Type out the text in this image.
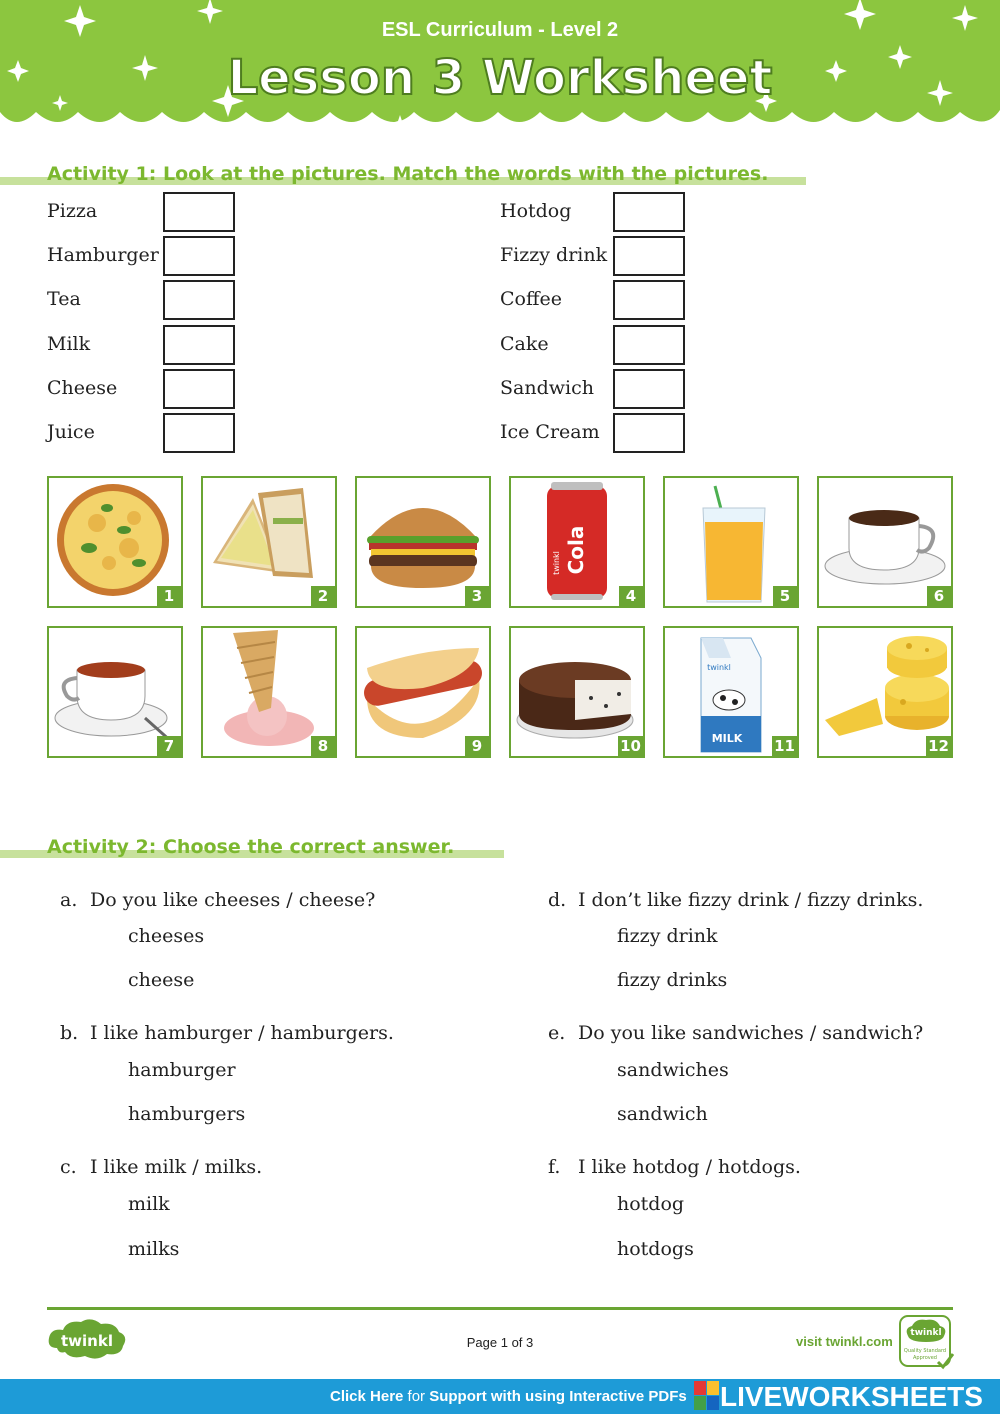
ESL Curriculum - Level 2
Lesson 3 Worksheet
Activity 1: Look at the pictures. Match the words with the pictures.
Pizza
Hamburger
Tea
Milk
Cheese
Juice
Hotdog
Fizzy drink
Coffee
Cake
Sandwich
Ice Cream
1	2	3
Cola
twinkl
4	5	6
7	8	9	10	MILK
twinkl
11	12
Activity 2: Choose the correct answer.
a. Do you like cheeses / cheese?
cheeses
cheese
b. I like hamburger / hamburgers.
hamburger
hamburgers
c. I like milk / milks.
milk
milks
d. I don’t like fizzy drink / fizzy drinks.
fizzy drink
fizzy drinks
e. Do you like sandwiches / sandwich?
sandwiches
sandwich
f. I like hotdog / hotdogs.
hotdog
hotdogs
twinkl	Page 1 of 3	visit twinkl.com
twinkl
Quality Standard
Approved
Click Here for Support with using Interactive PDFs LIVEWORKSHEETS
